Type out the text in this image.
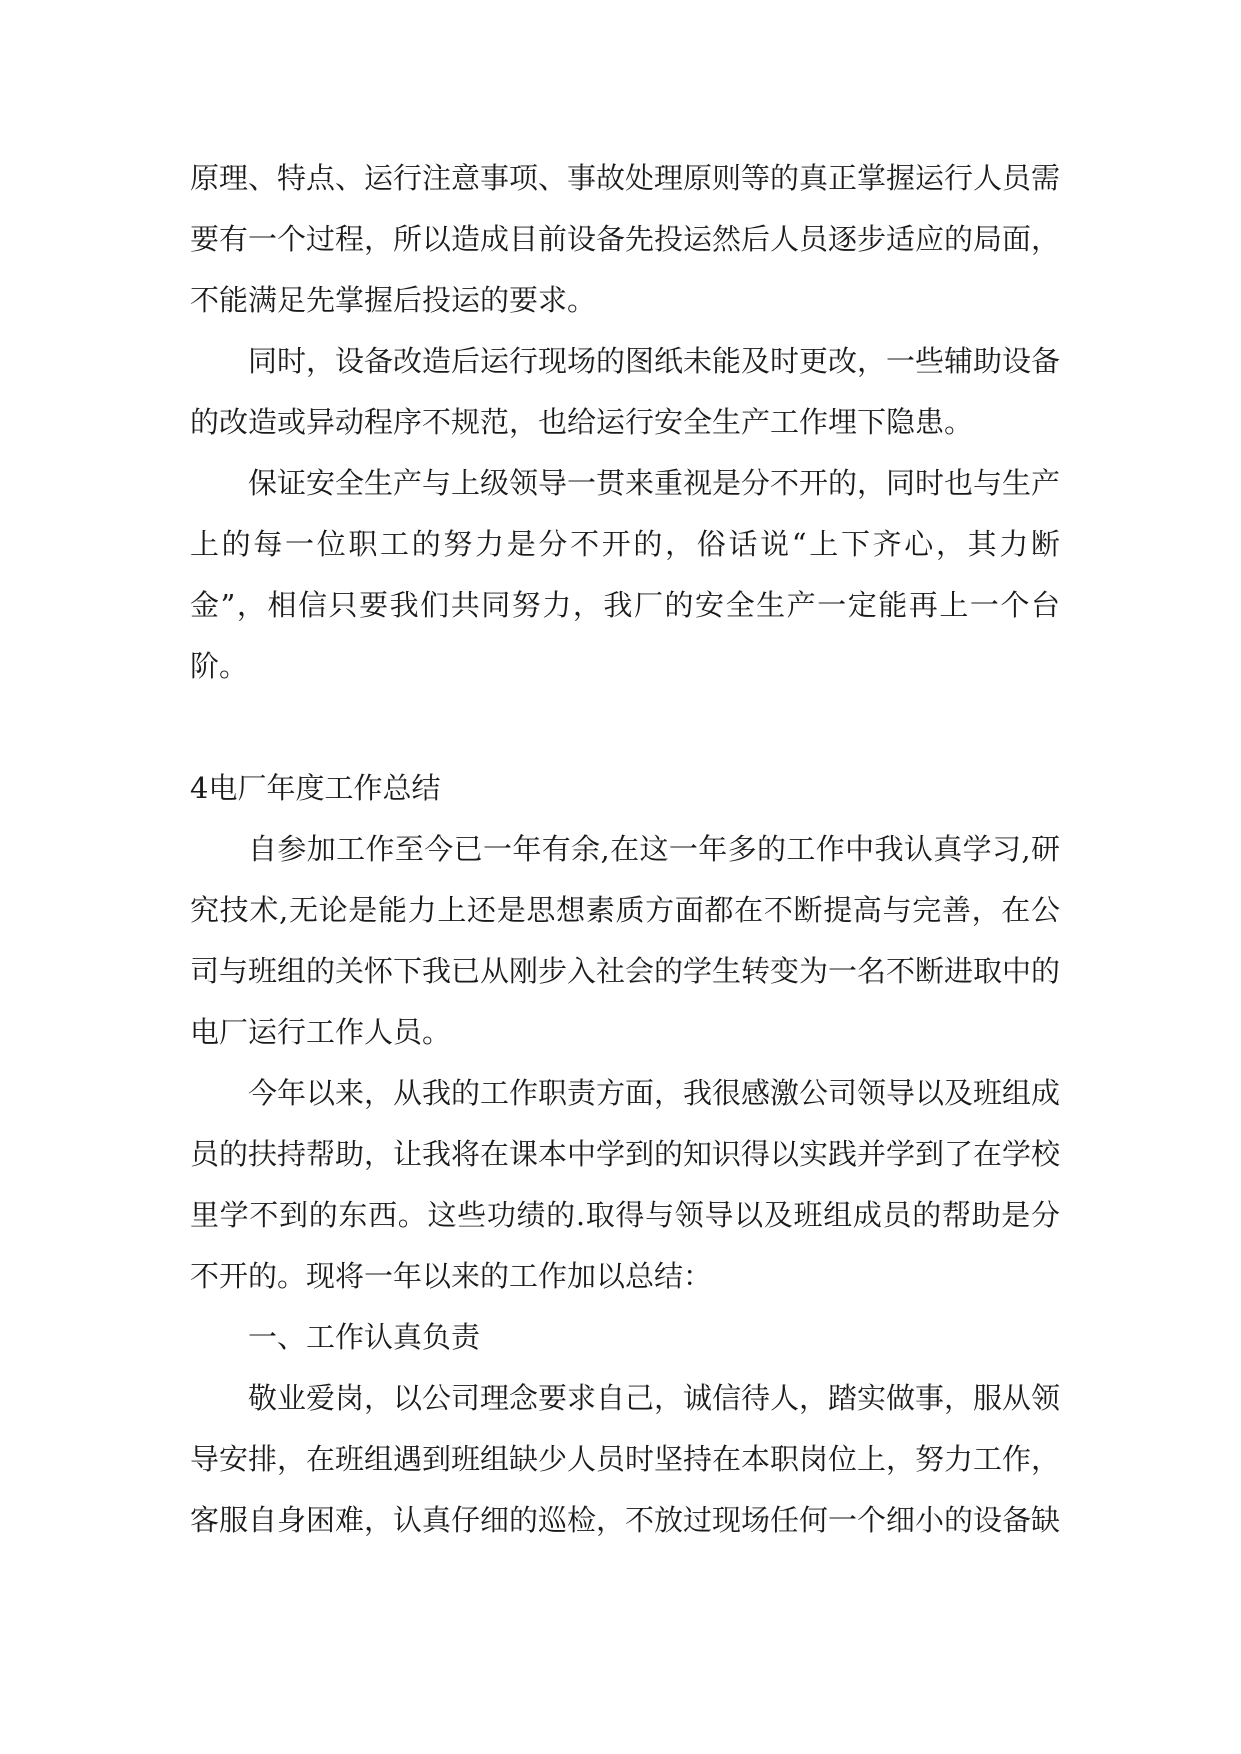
原理、特点、运行注意事项、事故处理原则等的真正掌握运行人员需要有一个过程，所以造成目前设备先投运然后人员逐步适应的局面，不能满足先掌握后投运的要求。

同时，设备改造后运行现场的图纸未能及时更改，一些辅助设备的改造或异动程序不规范，也给运行安全生产工作埋下隐患。

保证安全生产与上级领导一贯来重视是分不开的，同时也与生产上的每一位职工的努力是分不开的，俗话说“上下齐心，其力断金”，相信只要我们共同努力，我厂的安全生产一定能再上一个台阶。

4电厂年度工作总结

自参加工作至今已一年有余,在这一年多的工作中我认真学习,研究技术,无论是能力上还是思想素质方面都在不断提高与完善，在公司与班组的关怀下我已从刚步入社会的学生转变为一名不断进取中的电厂运行工作人员。

今年以来，从我的工作职责方面，我很感激公司领导以及班组成员的扶持帮助，让我将在课本中学到的知识得以实践并学到了在学校里学不到的东西。这些功绩的.取得与领导以及班组成员的帮助是分不开的。现将一年以来的工作加以总结：

一、工作认真负责

敬业爱岗，以公司理念要求自己，诚信待人，踏实做事，服从领导安排，在班组遇到班组缺少人员时坚持在本职岗位上，努力工作，客服自身困难，认真仔细的巡检，不放过现场任何一个细小的设备缺
